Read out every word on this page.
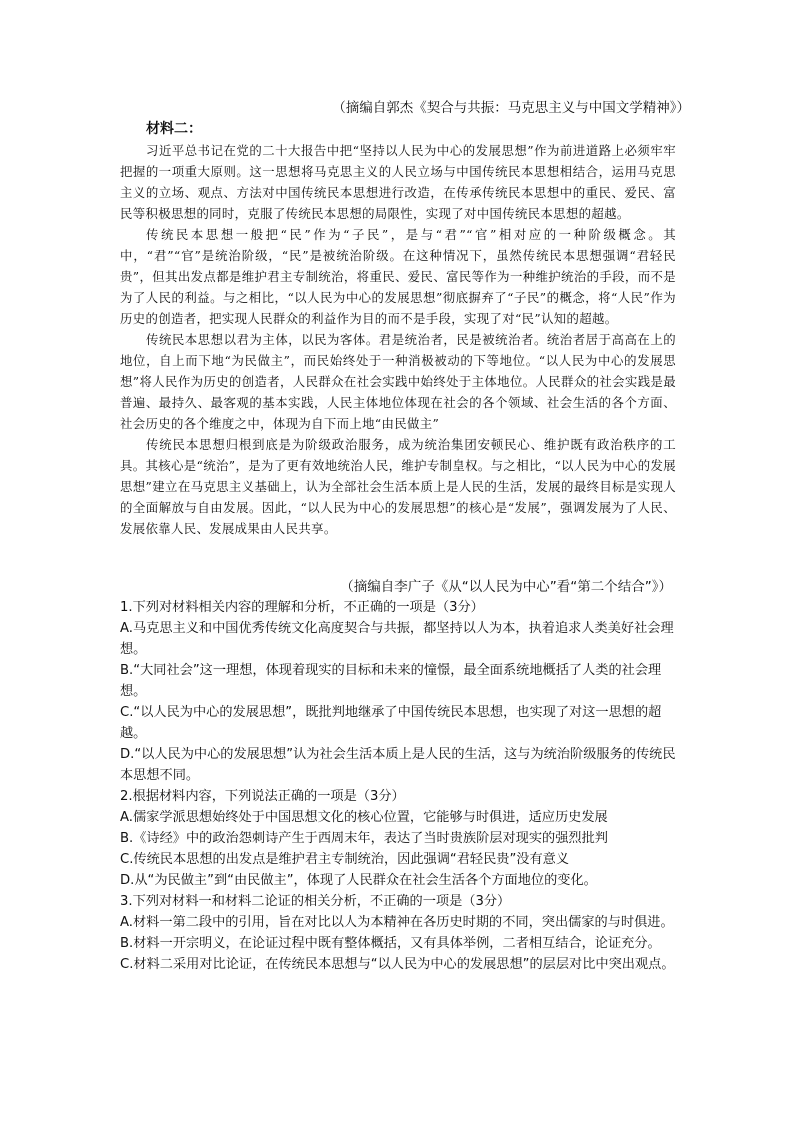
（摘编自郭杰《契合与共振：马克思主义与中国文学精神》）
材料二：

习近平总书记在党的二十大报告中把“坚持以人民为中心的发展思想”作为前进道路上必须牢牢把握的一项重大原则。这一思想将马克思主义的人民立场与中国传统民本思想相结合，运用马克思主义的立场、观点、方法对中国传统民本思想进行改造，在传承传统民本思想中的重民、爱民、富民等积极思想的同时，克服了传统民本思想的局限性，实现了对中国传统民本思想的超越。

传统民本思想一般把“民”作为“子民”，是与“君”“官”相对应的一种阶级概念。其中，“君”“官”是统治阶级，“民”是被统治阶级。在这种情况下，虽然传统民本思想强调“君轻民贵”，但其出发点都是维护君主专制统治，将重民、爱民、富民等作为一种维护统治的手段，而不是为了人民的利益。与之相比，“以人民为中心的发展思想”彻底摒弃了“子民”的概念，将“人民”作为历史的创造者，把实现人民群众的利益作为目的而不是手段，实现了对“民”认知的超越。

传统民本思想以君为主体，以民为客体。君是统治者，民是被统治者。统治者居于高高在上的地位，自上而下地“为民做主”，而民始终处于一种消极被动的下等地位。“以人民为中心的发展思想”将人民作为历史的创造者，人民群众在社会实践中始终处于主体地位。人民群众的社会实践是最普遍、最持久、最客观的基本实践，人民主体地位体现在社会的各个领域、社会生活的各个方面、社会历史的各个维度之中，体现为自下而上地“由民做主”

传统民本思想归根到底是为阶级政治服务，成为统治集团安顿民心、维护既有政治秩序的工具。其核心是“统治”，是为了更有效地统治人民，维护专制皇权。与之相比，“以人民为中心的发展思想”建立在马克思主义基础上，认为全部社会生活本质上是人民的生活，发展的最终目标是实现人的全面解放与自由发展。因此，“以人民为中心的发展思想”的核心是“发展”，强调发展为了人民、发展依靠人民、发展成果由人民共享。

（摘编自李广子《从“以人民为中心”看“第二个结合”》）

1.下列对材料相关内容的理解和分析，不正确的一项是（3分）

A.马克思主义和中国优秀传统文化高度契合与共振，都坚持以人为本，执着追求人类美好社会理想。

B.“大同社会”这一理想，体现着现实的目标和未来的憧憬，最全面系统地概括了人类的社会理想。

C.“以人民为中心的发展思想”，既批判地继承了中国传统民本思想，也实现了对这一思想的超越。

D.“以人民为中心的发展思想”认为社会生活本质上是人民的生活，这与为统治阶级服务的传统民本思想不同。

2.根据材料内容，下列说法正确的一项是（3分）

A.儒家学派思想始终处于中国思想文化的核心位置，它能够与时俱进，适应历史发展

B.《诗经》中的政治怨刺诗产生于西周末年，表达了当时贵族阶层对现实的强烈批判

C.传统民本思想的出发点是维护君主专制统治，因此强调“君轻民贵”没有意义

D.从“为民做主”到“由民做主”，体现了人民群众在社会生活各个方面地位的变化。

3.下列对材料一和材料二论证的相关分析，不正确的一项是（3分）

A.材料一第二段中的引用，旨在对比以人为本精神在各历史时期的不同，突出儒家的与时俱进。

B.材料一开宗明义，在论证过程中既有整体概括，又有具体举例，二者相互结合，论证充分。

C.材料二采用对比论证，在传统民本思想与“以人民为中心的发展思想”的层层对比中突出观点。
